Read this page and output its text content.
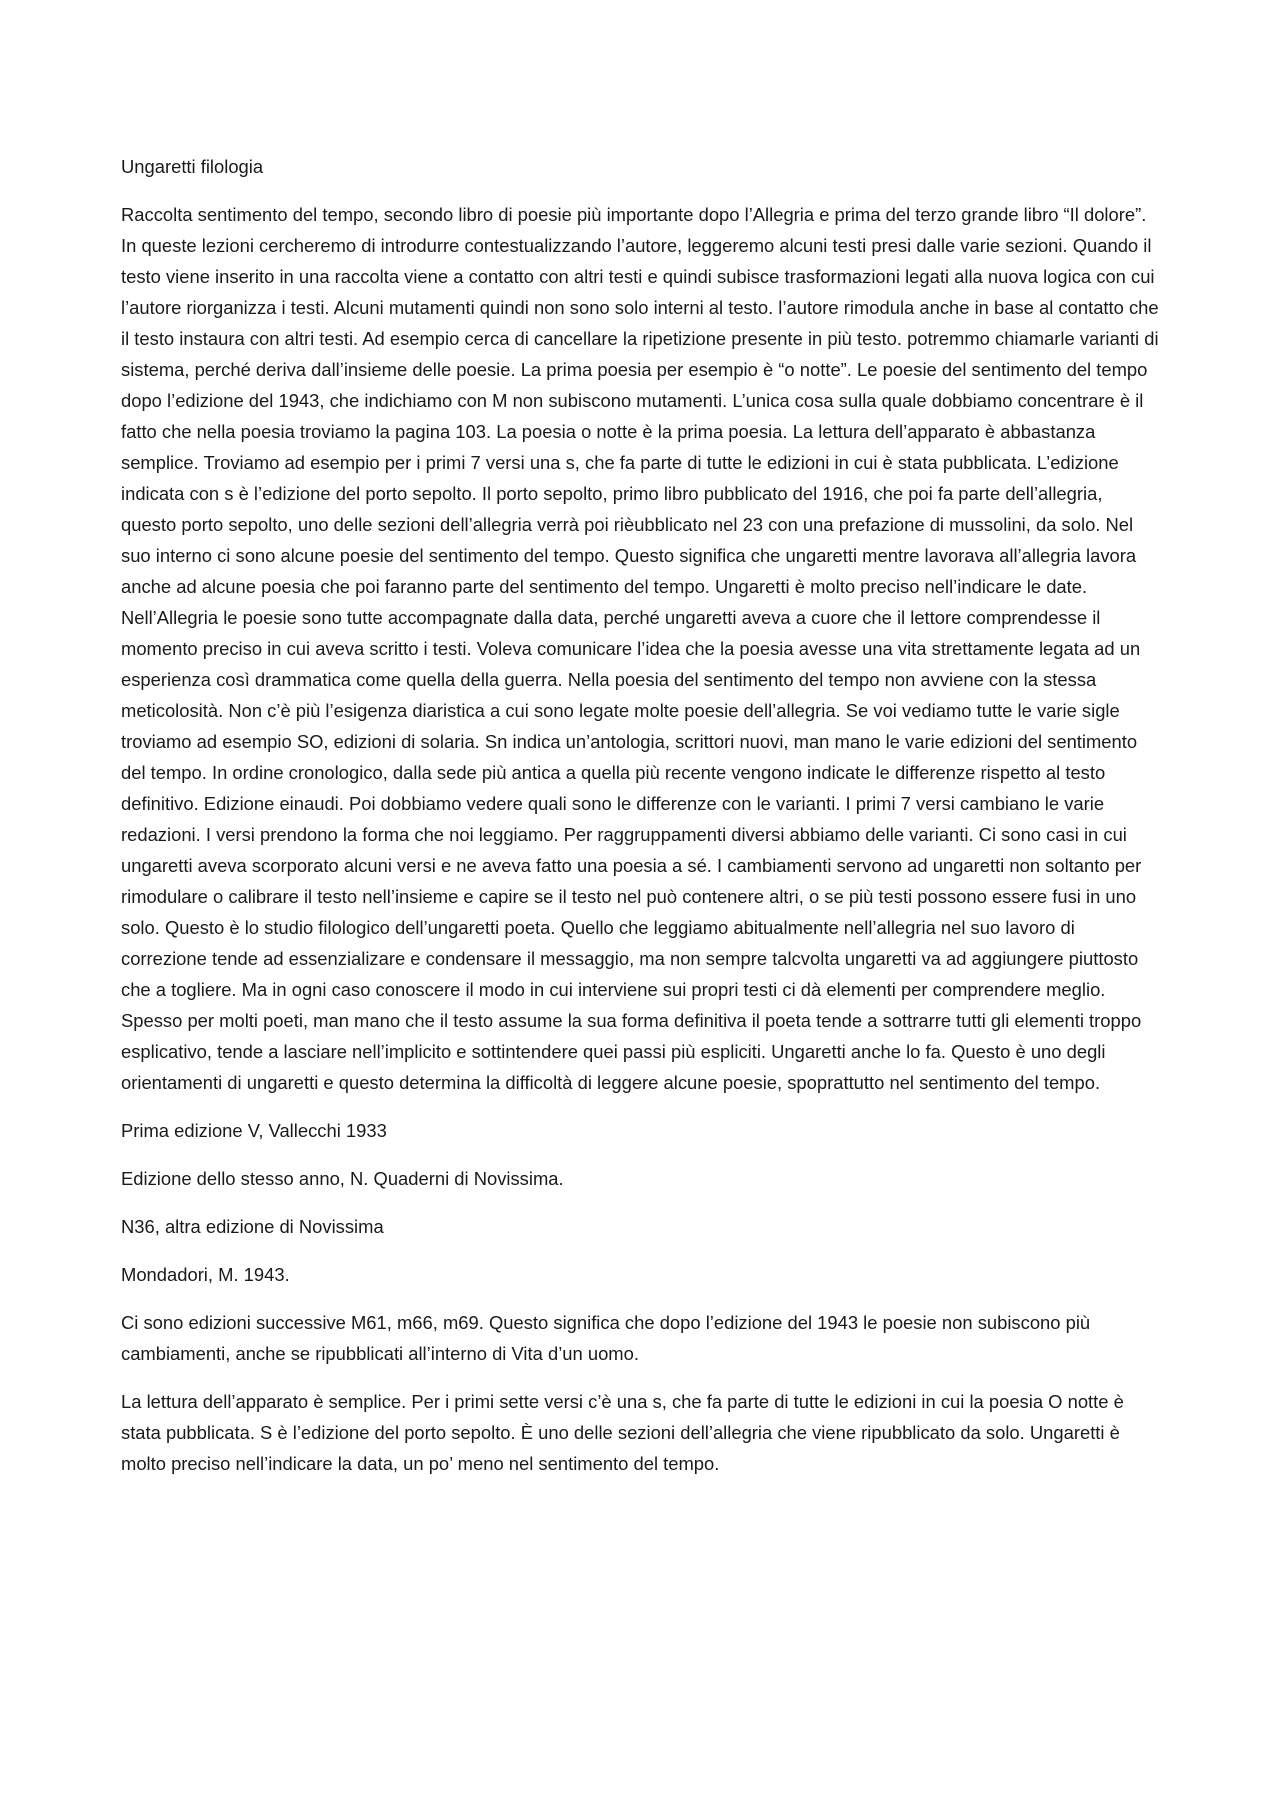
Ungaretti filologia

Raccolta sentimento del tempo, secondo libro di poesie più importante dopo l’Allegria e prima del terzo grande libro “Il dolore”. In queste lezioni cercheremo di introdurre contestualizzando l’autore, leggeremo alcuni testi presi dalle varie sezioni. Quando il testo viene inserito in una raccolta viene a contatto con altri testi e quindi subisce trasformazioni legati alla nuova logica con cui l’autore riorganizza i testi. Alcuni mutamenti quindi non sono solo interni al testo. l’autore rimodula anche in base al contatto che il testo instaura con altri testi. Ad esempio cerca di cancellare la ripetizione presente in più testo. potremmo chiamarle varianti di sistema, perché deriva dall’insieme delle poesie. La prima poesia per esempio è “o notte”. Le poesie del sentimento del tempo dopo l’edizione del 1943, che indichiamo con M non subiscono mutamenti. L’unica cosa sulla quale dobbiamo concentrare è il fatto che nella poesia troviamo la pagina 103. La poesia o notte è la prima poesia. La lettura dell’apparato è abbastanza semplice. Troviamo ad esempio per i primi 7 versi una s, che fa parte di tutte le edizioni in cui è stata pubblicata. L’edizione indicata con s è l’edizione del porto sepolto. Il porto sepolto, primo libro pubblicato del 1916, che poi fa parte dell’allegria, questo porto sepolto, uno delle sezioni dell’allegria verrà poi rièubblicato nel 23 con una prefazione di mussolini, da solo. Nel suo interno ci sono alcune poesie del sentimento del tempo. Questo significa che ungaretti mentre lavorava all’allegria lavora anche ad alcune poesia che poi faranno parte del sentimento del tempo. Ungaretti è molto preciso nell’indicare le date. Nell’Allegria le poesie sono tutte accompagnate dalla data, perché ungaretti aveva a cuore che il lettore comprendesse il momento preciso in cui aveva scritto i testi. Voleva comunicare l’idea che la poesia avesse una vita strettamente legata ad un esperienza così drammatica come quella della guerra. Nella poesia del sentimento del tempo non avviene con la stessa meticolosità. Non c’è più l’esigenza diaristica a cui sono legate molte poesie dell’allegria. Se voi vediamo tutte le varie sigle troviamo ad esempio SO, edizioni di solaria. Sn indica un’antologia, scrittori nuovi, man mano le varie edizioni del sentimento del tempo. In ordine cronologico, dalla sede più antica a quella più recente vengono indicate le differenze rispetto al testo definitivo. Edizione einaudi. Poi dobbiamo vedere quali sono le differenze con le varianti. I primi 7 versi cambiano le varie redazioni. I versi prendono la forma che noi leggiamo. Per raggruppamenti diversi abbiamo delle varianti. Ci sono casi in cui ungaretti aveva scorporato alcuni versi e ne aveva fatto una poesia a sé. I cambiamenti servono ad ungaretti non soltanto per rimodulare o calibrare il testo nell’insieme e capire se il testo nel può contenere altri, o se più testi possono essere fusi in uno solo. Questo è lo studio filologico dell’ungaretti poeta. Quello che leggiamo abitualmente nell’allegria nel suo lavoro di correzione tende ad essenzializare e condensare il messaggio, ma non sempre talcvoltа ungaretti va ad aggiungere piuttosto che a togliere. Ma in ogni caso conoscere il modo in cui interviene sui propri testi ci dà elementi per comprendere meglio. Spesso per molti poeti, man mano che il testo assume la sua forma definitiva il poeta tende a sottrarre tutti gli elementi troppo esplicativo, tende a lasciare nell’implicito e sottintendere quei passi più espliciti. Ungaretti anche lo fa. Questo è uno degli orientamenti di ungaretti e questo determina la difficoltà di leggere alcune poesie, spoprattutto nel sentimento del tempo.

Prima edizione V, Vallecchi 1933

Edizione dello stesso anno, N. Quaderni di Novissima.

N36, altra edizione di Novissima

Mondadori, M. 1943.

Ci sono edizioni successive M61, m66, m69. Questo significa che dopo l’edizione del 1943 le poesie non subiscono più cambiamenti, anche se ripubblicati all’interno di Vita d’un uomo.

La lettura dell’apparato è semplice. Per i primi sette versi c’è una s, che fa parte di tutte le edizioni in cui la poesia O notte è stata pubblicata. S è l’edizione del porto sepolto. È uno delle sezioni dell’allegria che viene ripubblicato da solo. Ungaretti è molto preciso nell’indicare la data, un po’ meno nel sentimento del tempo.
